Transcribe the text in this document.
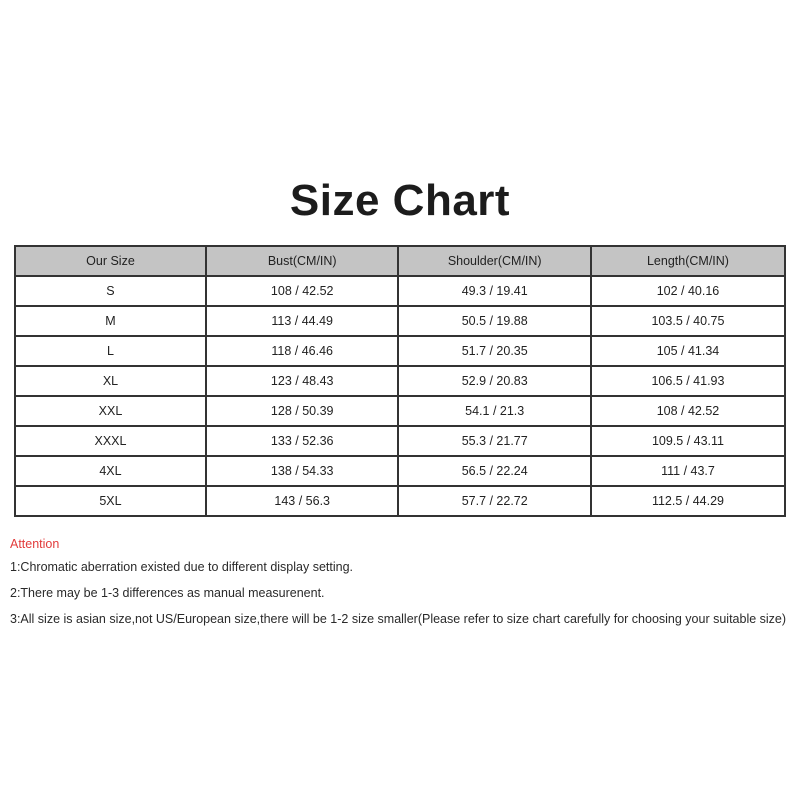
Size Chart
Our Size	Bust(CM/IN)	Shoulder(CM/IN)	Length(CM/IN)
S	108 / 42.52	49.3 / 19.41	102 / 40.16
M	113 / 44.49	50.5 / 19.88	103.5 / 40.75
L	118 / 46.46	51.7 / 20.35	105 / 41.34
XL	123 / 48.43	52.9 / 20.83	106.5 / 41.93
XXL	128 / 50.39	54.1 / 21.3	108 / 42.52
XXXL	133 / 52.36	55.3 / 21.77	109.5 / 43.11
4XL	138 / 54.33	56.5 / 22.24	111 / 43.7
5XL	143 / 56.3	57.7 / 22.72	112.5 / 44.29

Attention

1:Chromatic aberration existed due to different display setting.

2:There may be 1-3 differences as manual measurenent.

3:All size is asian size,not US/European size,there will be 1-2 size smaller(Please refer to size chart carefully for choosing your suitable size)
